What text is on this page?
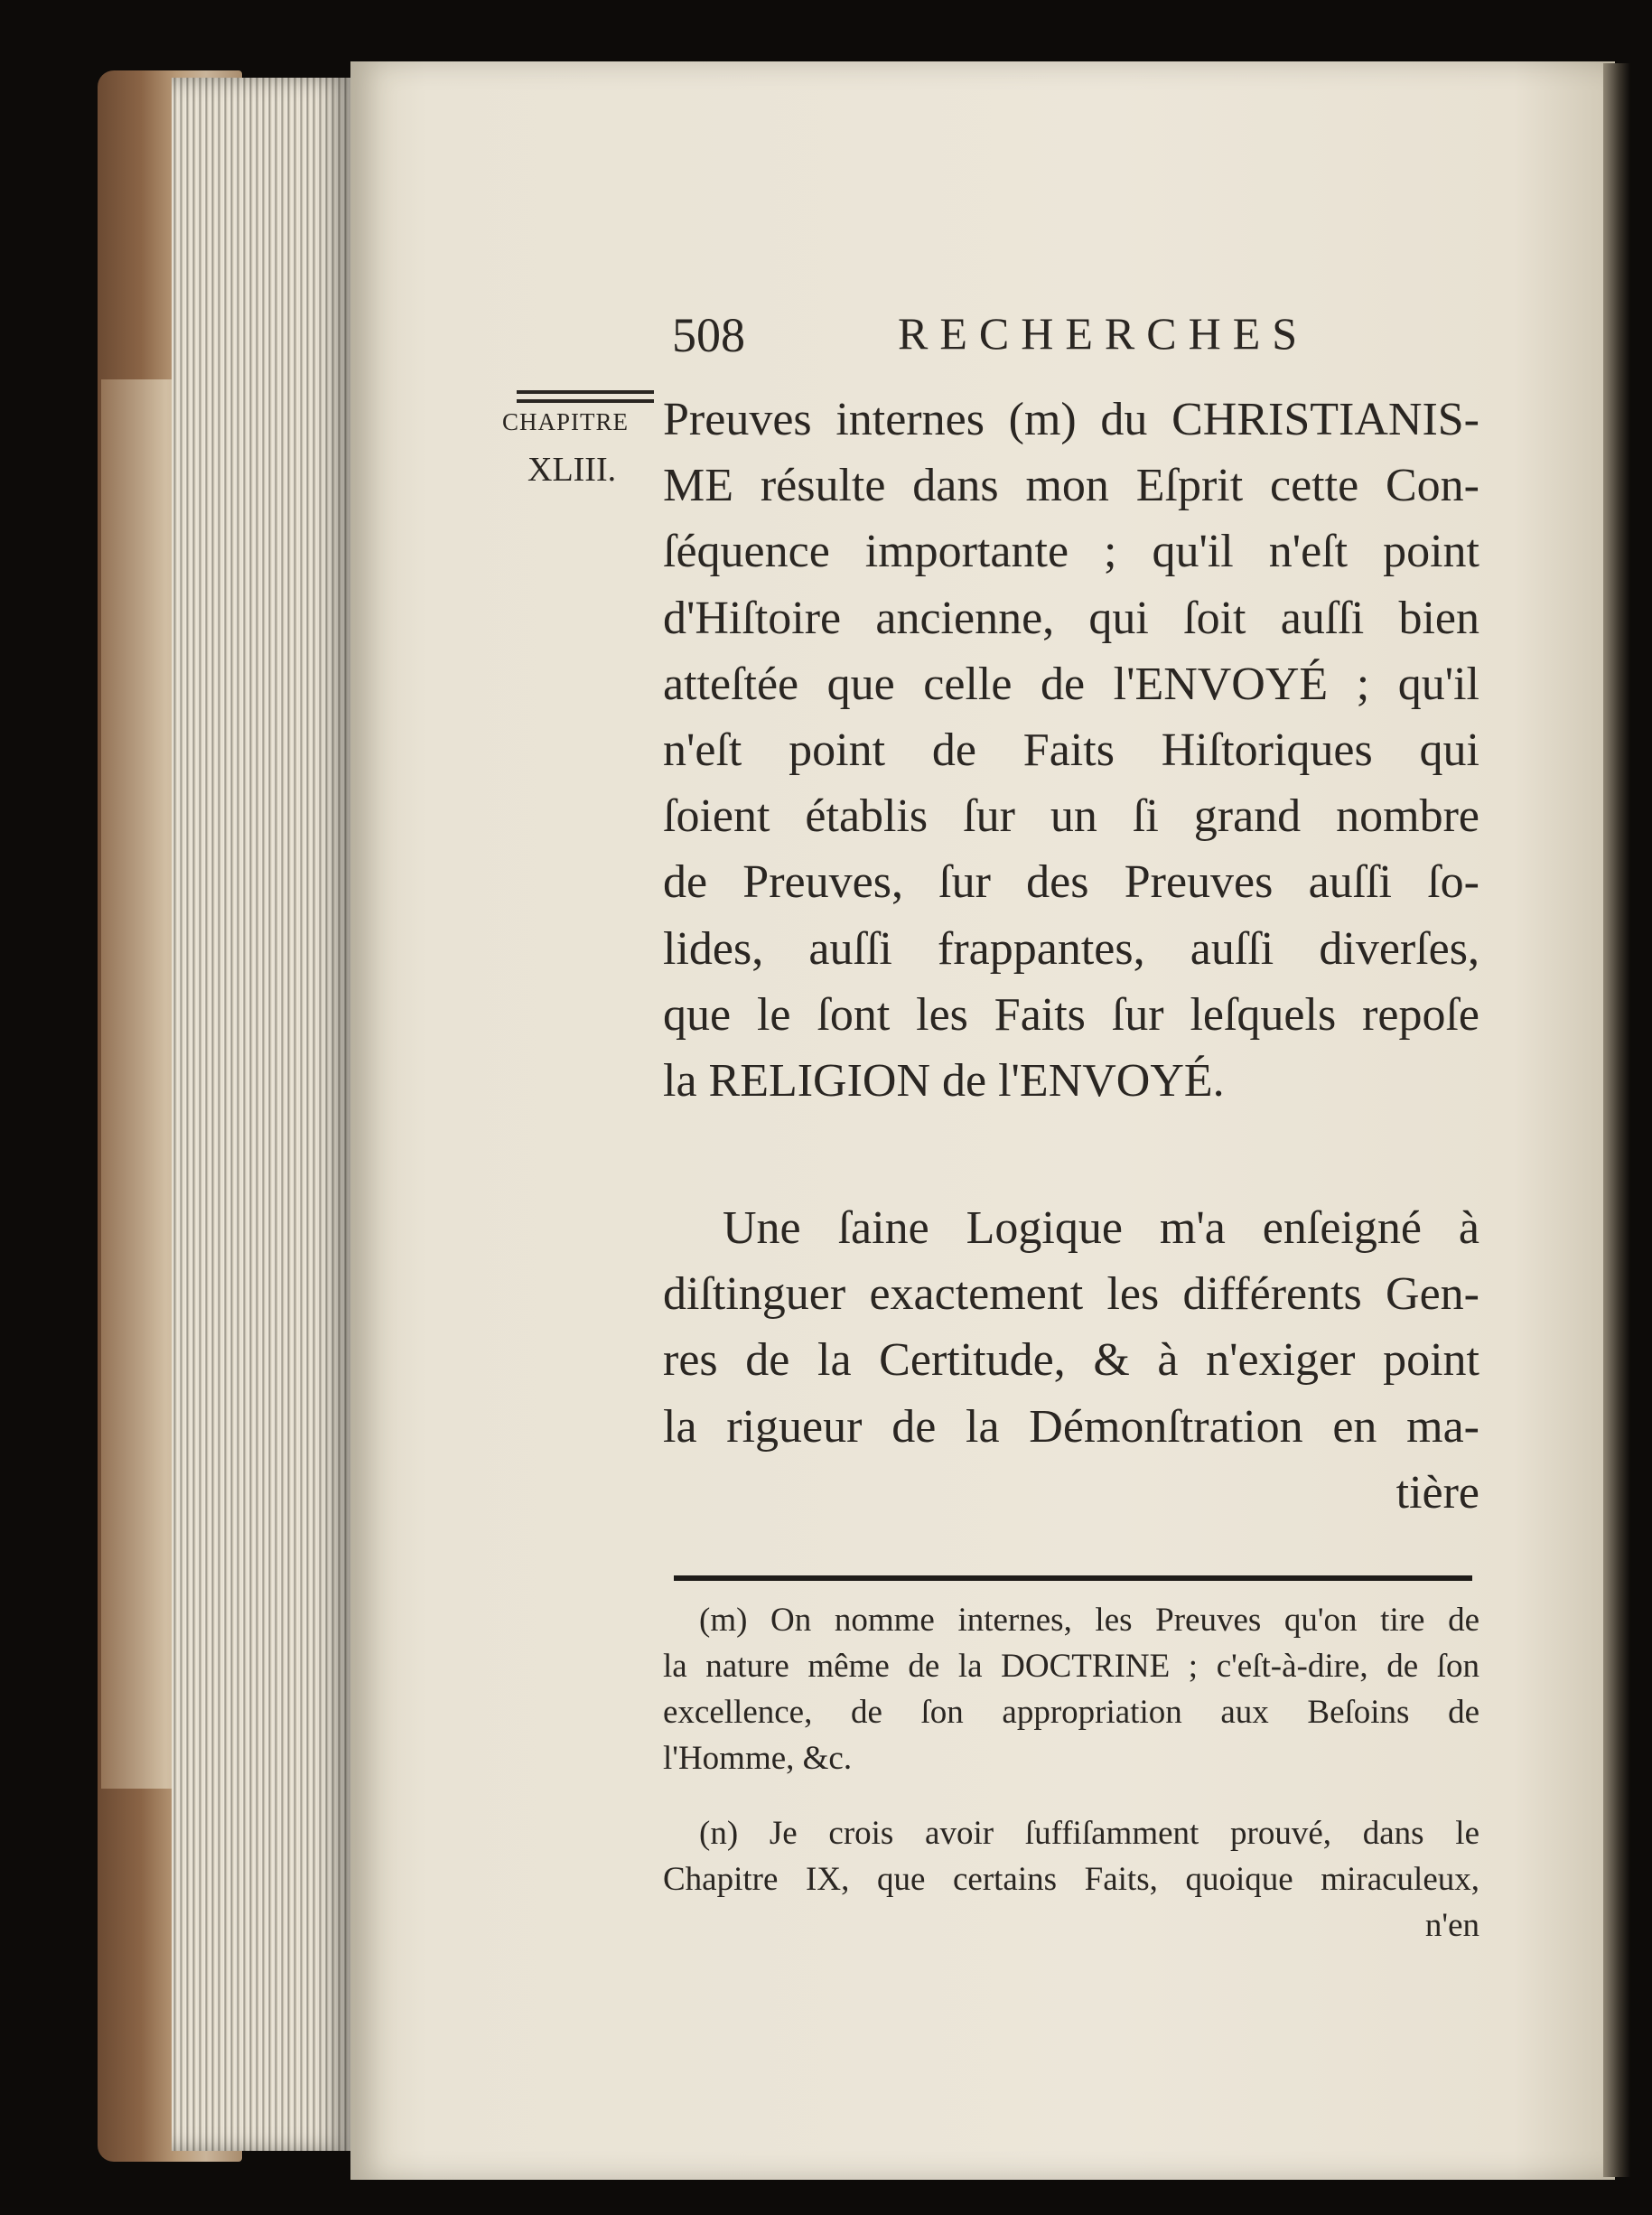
508	RECHERCHES
CHAPITRE
XLIII.
Preuves internes (m) du CHRISTIANIS-
ME résulte dans mon Eſprit cette Con-
ſéquence importante ; qu'il n'eſt point
d'Hiſtoire ancienne, qui ſoit auſſi bien
atteſtée que celle de l'ENVOYÉ ; qu'il
n'eſt point de Faits Hiſtoriques qui
ſoient établis ſur un ſi grand nombre
de Preuves, ſur des Preuves auſſi ſo-
lides, auſſi frappantes, auſſi diverſes,
que le ſont les Faits ſur leſquels repoſe
la RELIGION de l'ENVOYÉ.
Une ſaine Logique m'a enſeigné à
diſtinguer exactement les différents Gen-
res de la Certitude, & à n'exiger point
la rigueur de la Démonſtration en ma-
tière
(m) On nomme internes, les Preuves qu'on tire de
la nature même de la DOCTRINE ; c'eſt-à-dire, de ſon
excellence, de ſon appropriation aux Beſoins de
l'Homme, &c.
(n) Je crois avoir ſuffiſamment prouvé, dans le
Chapitre IX, que certains Faits, quoique miraculeux,
n'en
